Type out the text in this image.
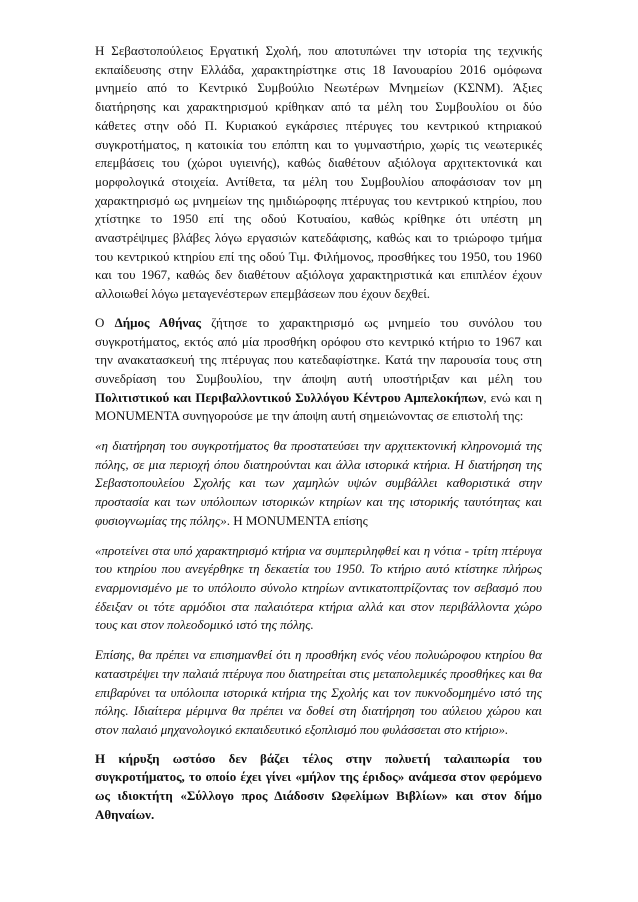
Η Σεβαστοπούλειος Εργατική Σχολή, που αποτυπώνει την ιστορία της τεχνικής εκπαίδευσης στην Ελλάδα, χαρακτηρίστηκε στις 18 Ιανουαρίου 2016 ομόφωνα μνημείο από το Κεντρικό Συμβούλιο Νεωτέρων Μνημείων (ΚΣΝΜ). Άξιες διατήρησης και χαρακτηρισμού κρίθηκαν από τα μέλη του Συμβουλίου οι δύο κάθετες στην οδό Π. Κυριακού εγκάρσιες πτέρυγες του κεντρικού κτηριακού συγκροτήματος, η κατοικία του επόπτη και το γυμναστήριο, χωρίς τις νεωτερικές επεμβάσεις του (χώροι υγιεινής), καθώς διαθέτουν αξιόλογα αρχιτεκτονικά και μορφολογικά στοιχεία. Αντίθετα, τα μέλη του Συμβουλίου αποφάσισαν τον μη χαρακτηρισμό ως μνημείων της ημιδιώροφης πτέρυγας του κεντρικού κτηρίου, που χτίστηκε το 1950 επί της οδού Κοτυαίου, καθώς κρίθηκε ότι υπέστη μη αναστρέψιμες βλάβες λόγω εργασιών κατεδάφισης, καθώς και το τριώροφο τμήμα του κεντρικού κτηρίου επί της οδού Τιμ. Φιλήμονος, προσθήκες του 1950, του 1960 και του 1967, καθώς δεν διαθέτουν αξιόλογα χαρακτηριστικά και επιπλέον έχουν αλλοιωθεί λόγω μεταγενέστερων επεμβάσεων που έχουν δεχθεί.

Ο Δήμος Αθήνας ζήτησε το χαρακτηρισμό ως μνημείο του συνόλου του συγκροτήματος, εκτός από μία προσθήκη ορόφου στο κεντρικό κτήριο το 1967 και την ανακατασκευή της πτέρυγας που κατεδαφίστηκε. Κατά την παρουσία τους στη συνεδρίαση του Συμβουλίου, την άποψη αυτή υποστήριξαν και μέλη του Πολιτιστικού και Περιβαλλοντικού Συλλόγου Κέντρου Αμπελοκήπων, ενώ και η MONUMENTA συνηγορούσε με την άποψη αυτή σημειώνοντας σε επιστολή της:

«η διατήρηση του συγκροτήματος θα προστατεύσει την αρχιτεκτονική κληρονομιά της πόλης, σε μια περιοχή όπου διατηρούνται και άλλα ιστορικά κτήρια. Η διατήρηση της Σεβαστοπουλείου Σχολής και των χαμηλών υψών συμβάλλει καθοριστικά στην προστασία και των υπόλοιπων ιστορικών κτηρίων και της ιστορικής ταυτότητας και φυσιογνωμίας της πόλης». Η MONUMENTA επίσης

«προτείνει στα υπό χαρακτηρισμό κτήρια να συμπεριληφθεί και η νότια - τρίτη πτέρυγα του κτηρίου που ανεγέρθηκε τη δεκαετία του 1950. Το κτήριο αυτό κτίστηκε πλήρως εναρμονισμένο με το υπόλοιπο σύνολο κτηρίων αντικατοπτρίζοντας τον σεβασμό που έδειξαν οι τότε αρμόδιοι στα παλαιότερα κτήρια αλλά και στον περιβάλλοντα χώρο τους και στον πολεοδομικό ιστό της πόλης.

Επίσης, θα πρέπει να επισημανθεί ότι η προσθήκη ενός νέου πολυώροφου κτηρίου θα καταστρέψει την παλαιά πτέρυγα που διατηρείται στις μεταπολεμικές προσθήκες και θα επιβαρύνει τα υπόλοιπα ιστορικά κτήρια της Σχολής και τον πυκνοδομημένο ιστό της πόλης. Ιδιαίτερα μέριμνα θα πρέπει να δοθεί στη διατήρηση του αύλειου χώρου και στον παλαιό μηχανολογικό εκπαιδευτικό εξοπλισμό που φυλάσσεται στο κτήριο».

Η κήρυξη ωστόσο δεν βάζει τέλος στην πολυετή ταλαιπωρία του συγκροτήματος, το οποίο έχει γίνει «μήλον της έριδος» ανάμεσα στον φερόμενο ως ιδιοκτήτη «Σύλλογο προς Διάδοσιν Ωφελίμων Βιβλίων» και στον δήμο Αθηναίων.
